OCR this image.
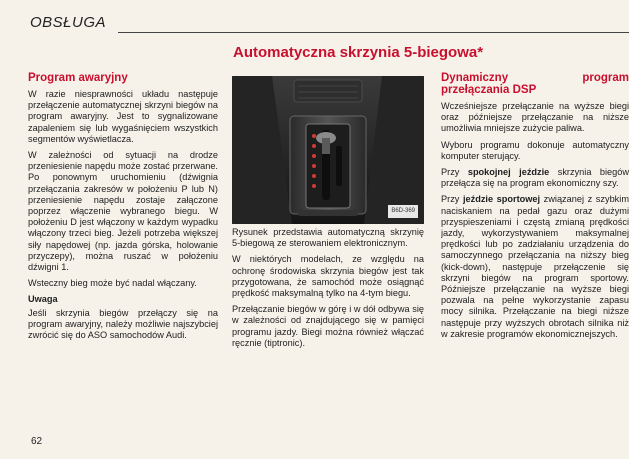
OBSŁUGA
Automatyczna skrzynia 5-biegowa*
Program awaryjny

W razie niesprawności układu następuje przełączenie automatycznej skrzyni biegów na program awaryjny. Jest to sygnalizowane zapaleniem się lub wygaśnięciem wszystkich segmentów wyświetlacza.

W zależności od sytuacji na drodze przeniesienie napędu może zostać przerwane. Po ponownym uruchomieniu (dźwignia przełączania zakresów w położeniu P lub N) przeniesienie napędu zostaje załączone poprzez włączenie wybranego biegu. W położeniu D jest włączony w każdym wypadku włączony trzeci bieg. Jeżeli potrzeba większej siły napędowej (np. jazda górska, holowanie przyczepy), można ruszać w położeniu dźwigni 1.

Wsteczny bieg może być nadal włączany.

Uwaga

Jeśli skrzynia biegów przełączy się na program awaryjny, należy możliwie najszybciej zwrócić się do ASO samochodów Audi.

B6D-369

Rysunek przedstawia automatyczną skrzynię 5-biegową ze sterowaniem elektronicznym.

W niektórych modelach, ze względu na ochronę środowiska skrzynia biegów jest tak przygotowana, że samochód może osiągnąć prędkość maksymalną tylko na 4-tym biegu.

Przełączanie biegów w górę i w dół odbywa się w zależności od znajdującego się w pamięci programu jazdy. Biegi można również włączać ręcznie (tiptronic).

Dynamiczny program przełączania DSP

Wcześniejsze przełączanie na wyższe biegi oraz późniejsze przełączanie na niższe umożliwia mniejsze zużycie paliwa.

Wyboru programu dokonuje automatyczny komputer sterujący.

Przy spokojnej jeździe skrzynia biegów przełącza się na program ekonomiczny szy.

Przy jeździe sportowej związanej z szybkim naciskaniem na pedał gazu oraz dużymi przyspieszeniami i częstą zmianą prędkości jazdy, wykorzystywaniem maksymalnej prędkości lub po zadziałaniu urządzenia do samoczynnego przełączania na niższy bieg (kick-down), następuje przełączenie się skrzyni biegów na program sportowy. Późniejsze przełączanie na wyższe biegi pozwala na pełne wykorzystanie zapasu mocy silnika. Przełączanie na biegi niższe następuje przy wyższych obrotach silnika niż w zakresie programów ekonomicznejszych.

62
